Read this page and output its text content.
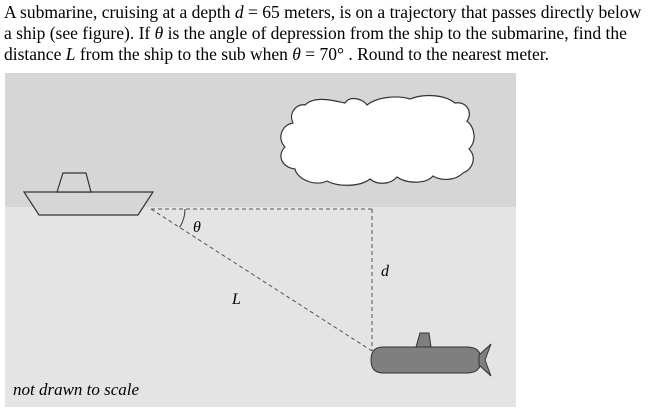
A submarine, cruising at a depth d = 65 meters, is on a trajectory that passes directly below a ship (see figure). If θ is the angle of depression from the ship to the submarine, find the distance L from the ship to the sub when θ = 70° . Round to the nearest meter.
θ
d
L
not drawn to scale
